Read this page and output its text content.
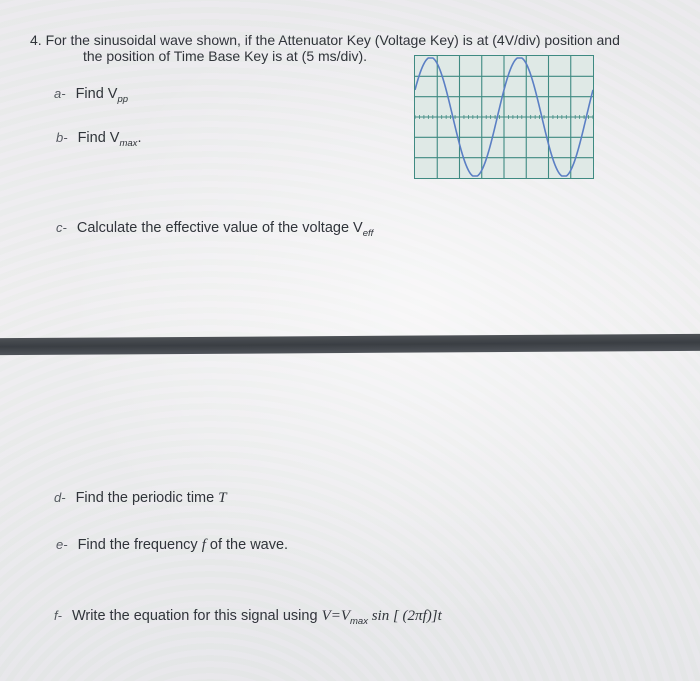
4. For the sinusoidal wave shown, if the Attenuator Key (Voltage Key) is at (4V/div) position and
the position of Time Base Key is at (5 ms/div).
a- Find $V_{pp}$
b- Find $V_{max}$.
c- Calculate the effective value of the voltage $V_{eff}$
d- Find the periodic time T
e- Find the frequency f of the wave.
f- Write the equation for this signal using $V=V_{max}$ sin [ (2πf)]t
